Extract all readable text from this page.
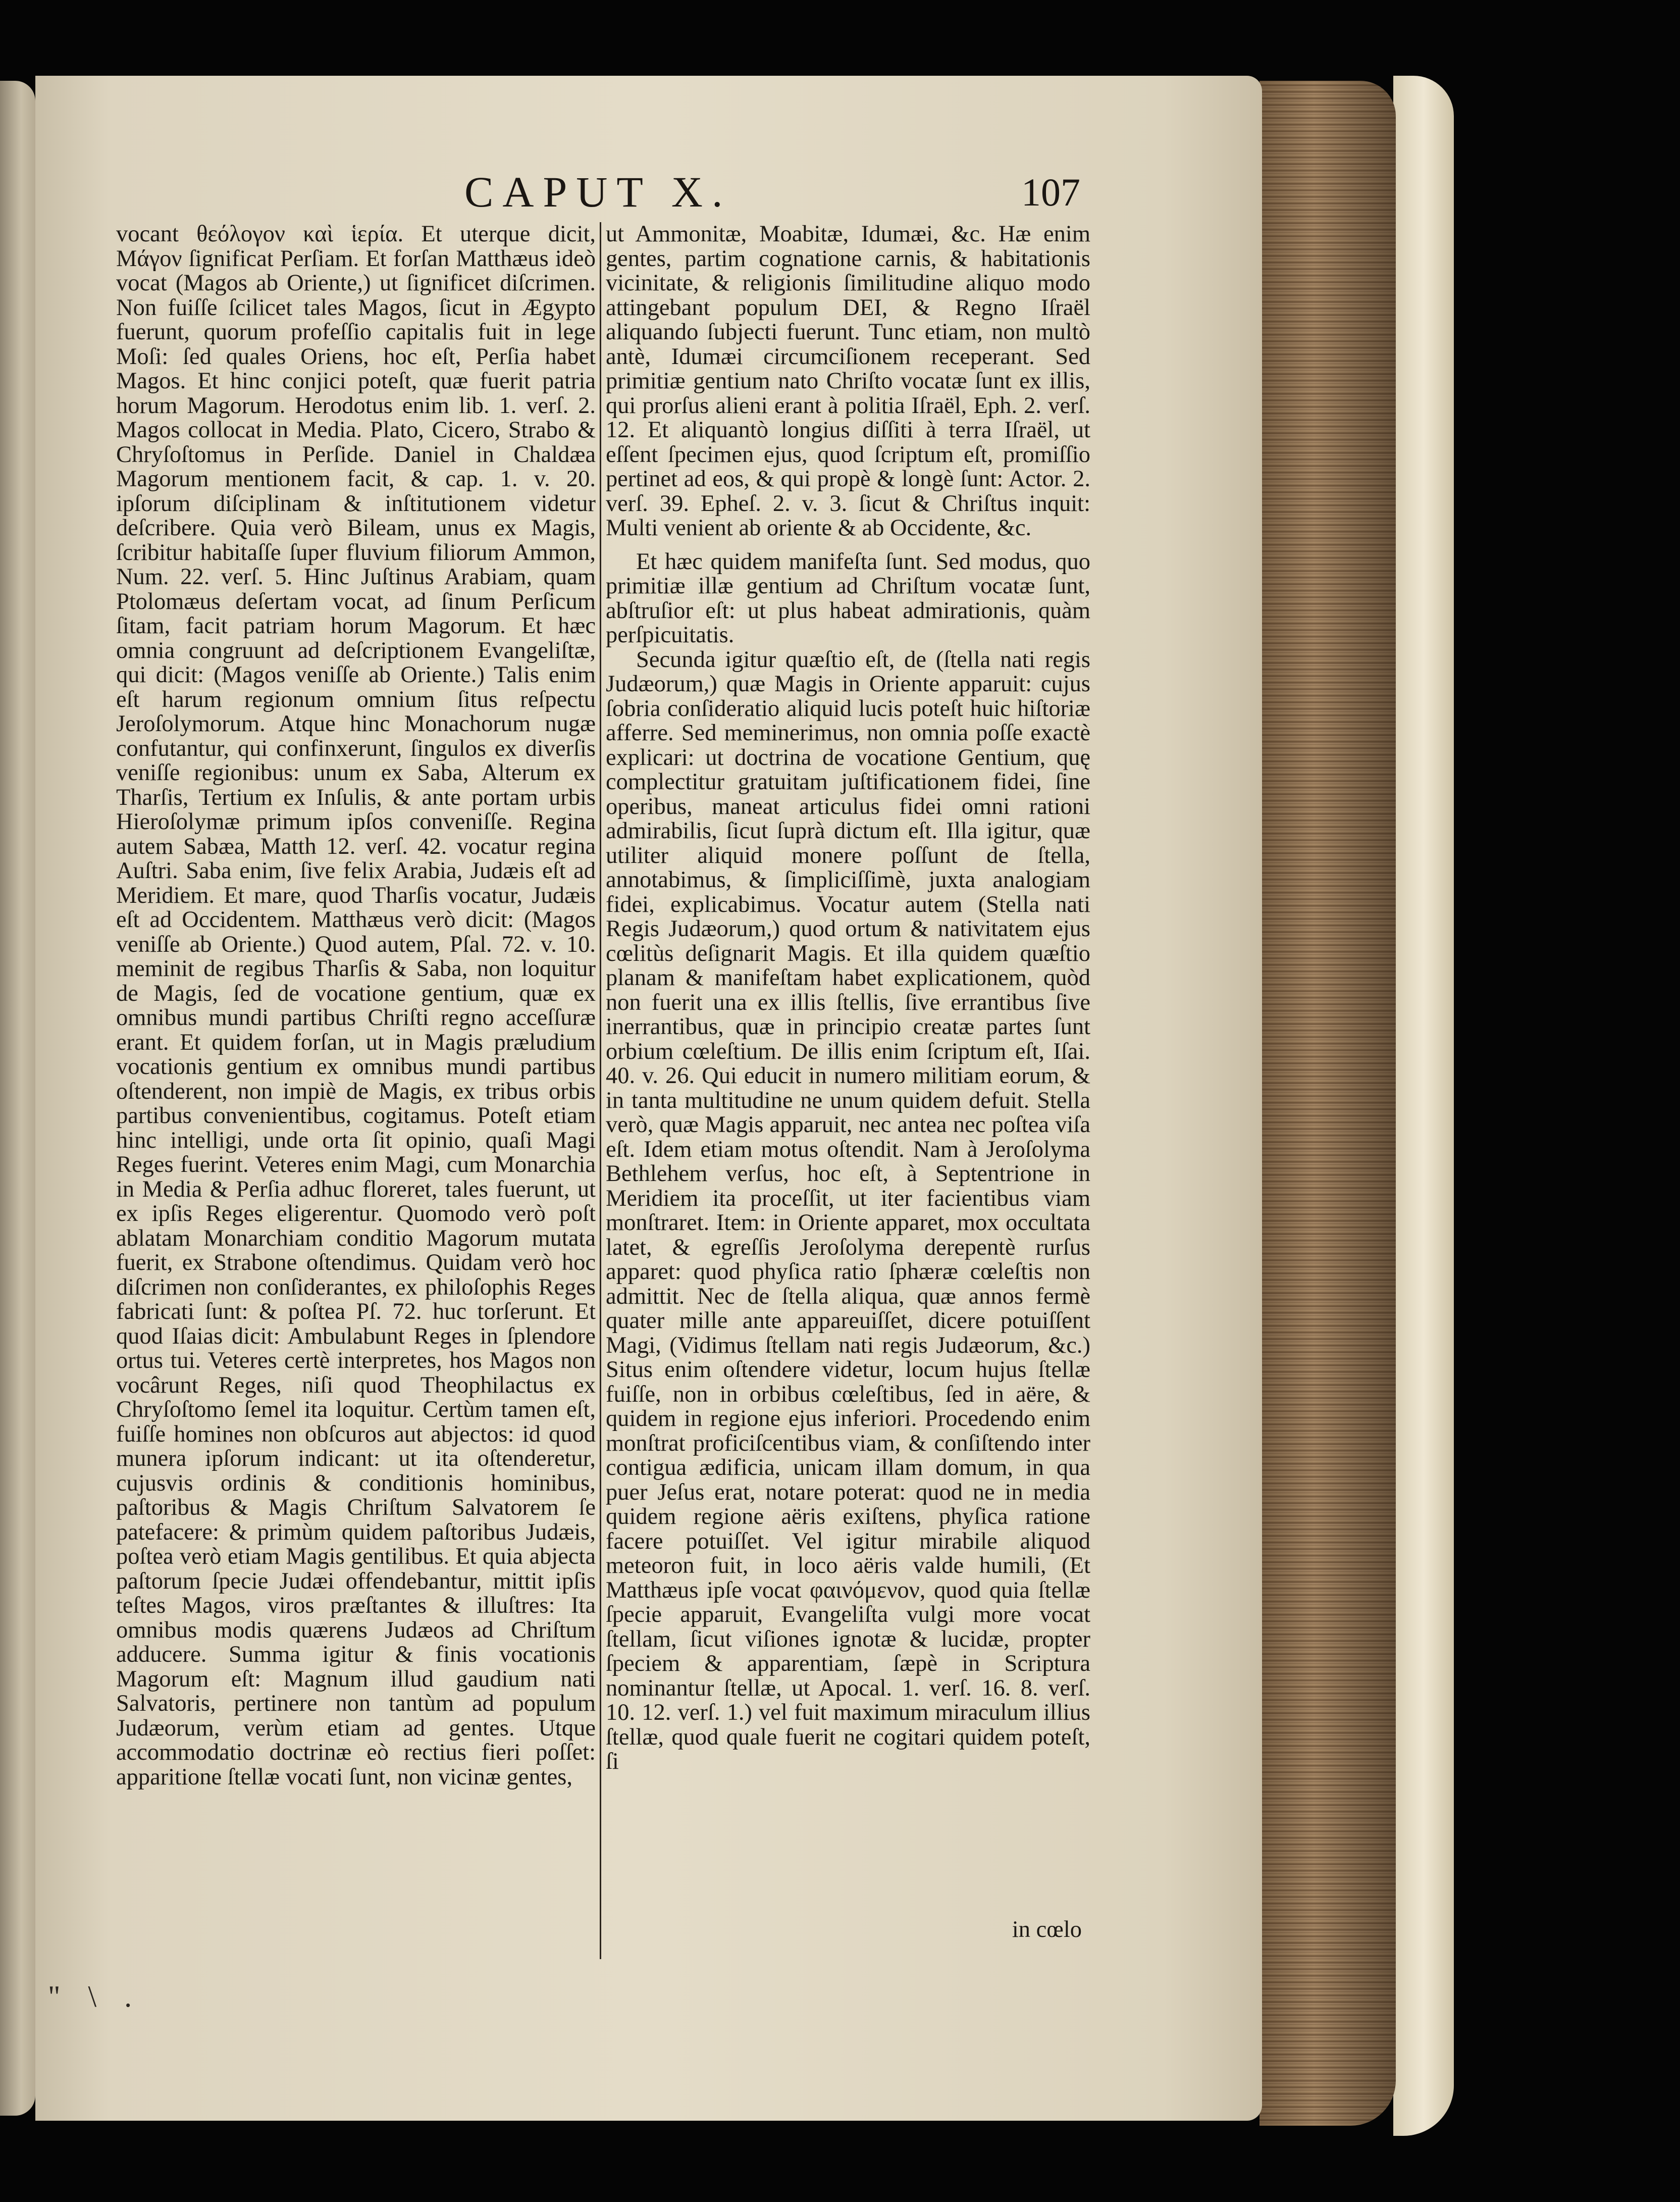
CAPUT X.	107

vocant θεόλογον καὶ ἱερία. Et uterque dicit, Μάγον ſignificat Perſiam. Et forſan Matthæus ideò vocat (Magos ab Oriente,) ut ſignificet diſcrimen. Non fuiſſe ſcilicet tales Magos, ſicut in Ægypto fuerunt, quorum profeſſio capitalis fuit in lege Moſi: ſed quales Oriens, hoc eſt, Perſia habet Magos. Et hinc conjici poteſt, quæ fuerit patria horum Magorum. Herodotus enim lib. 1. verſ. 2. Magos collocat in Media. Plato, Cicero, Strabo & Chryſoſtomus in Perſide. Daniel in Chaldæa Magorum mentionem facit, & cap. 1. v. 20. ipſorum diſciplinam & inſtitutionem videtur deſcribere. Quia verò Bileam, unus ex Magis, ſcribitur habitaſſe ſuper fluvium filiorum Ammon, Num. 22. verſ. 5. Hinc Juſtinus Arabiam, quam Ptolomæus deſertam vocat, ad ſinum Perſicum ſitam, facit patriam horum Magorum. Et hæc omnia congruunt ad deſcriptionem Evangeliſtæ, qui dicit: (Magos veniſſe ab Oriente.) Talis enim eſt harum regionum omnium ſitus reſpectu Jeroſolymorum. Atque hinc Monachorum nugæ confutantur, qui confinxerunt, ſingulos ex diverſis veniſſe regionibus: unum ex Saba, Alterum ex Tharſis, Tertium ex Inſulis, & ante portam urbis Hieroſolymæ primum ipſos conveniſſe. Regina autem Sabæa, Matth 12. verſ. 42. vocatur regina Auſtri. Saba enim, ſive felix Arabia, Judæis eſt ad Meridiem. Et mare, quod Tharſis vocatur, Judæis eſt ad Occidentem. Matthæus verò dicit: (Magos veniſſe ab Oriente.) Quod autem, Pſal. 72. v. 10. meminit de regibus Tharſis & Saba, non loquitur de Magis, ſed de vocatione gentium, quæ ex omnibus mundi partibus Chriſti regno acceſſuræ erant. Et quidem forſan, ut in Magis præludium vocationis gentium ex omnibus mundi partibus oſtenderent, non impiè de Magis, ex tribus orbis partibus convenientibus, cogitamus. Poteſt etiam hinc intelligi, unde orta ſit opinio, quaſi Magi Reges fuerint. Veteres enim Magi, cum Monarchia in Media & Perſia adhuc floreret, tales fuerunt, ut ex ipſis Reges eligerentur. Quomodo verò poſt ablatam Monarchiam conditio Magorum mutata fuerit, ex Strabone oſtendimus. Quidam verò hoc diſcrimen non conſiderantes, ex philoſophis Reges fabricati ſunt: & poſtea Pſ. 72. huc torſerunt. Et quod Iſaias dicit: Ambulabunt Reges in ſplendore ortus tui. Veteres certè interpretes, hos Magos non vocârunt Reges, niſi quod Theophilactus ex Chryſoſtomo ſemel ita loquitur. Certùm tamen eſt, fuiſſe homines non obſcuros aut abjectos: id quod munera ipſorum indicant: ut ita oſtenderetur, cujusvis ordinis & conditionis hominibus, paſtoribus & Magis Chriſtum Salvatorem ſe patefacere: & primùm quidem paſtoribus Judæis, poſtea verò etiam Magis gentilibus. Et quia abjecta paſtorum ſpecie Judæi offendebantur, mittit ipſis teſtes Magos, viros præſtantes & illuſtres: Ita omnibus modis quærens Judæos ad Chriſtum adducere. Summa igitur & finis vocationis Magorum eſt: Magnum illud gaudium nati Salvatoris, pertinere non tantùm ad populum Judæorum, verùm etiam ad gentes. Utque accommodatio doctrinæ eò rectius fieri poſſet: apparitione ſtellæ vocati ſunt, non vicinæ gentes,

ut Ammonitæ, Moabitæ, Idumæi, &c. Hæ enim gentes, partim cognatione carnis, & habitationis vicinitate, & religionis ſimilitudine aliquo modo attingebant populum DEI, & Regno Iſraël aliquando ſubjecti fuerunt. Tunc etiam, non multò antè, Idumæi circumciſionem receperant. Sed primitiæ gentium nato Chriſto vocatæ ſunt ex illis, qui prorſus alieni erant à politia Iſraël, Eph. 2. verſ. 12. Et aliquantò longius diſſiti à terra Iſraël, ut eſſent ſpecimen ejus, quod ſcriptum eſt, promiſſio pertinet ad eos, & qui propè & longè ſunt: Actor. 2. verſ. 39. Epheſ. 2. v. 3. ſicut & Chriſtus inquit: Multi venient ab oriente & ab Occidente, &c.

Et hæc quidem manifeſta ſunt. Sed modus, quo primitiæ illæ gentium ad Chriſtum vocatæ ſunt, abſtruſior eſt: ut plus habeat admirationis, quàm perſpicuitatis.

Secunda igitur quæſtio eſt, de (ſtella nati regis Judæorum,) quæ Magis in Oriente apparuit: cujus ſobria conſideratio aliquid lucis poteſt huic hiſtoriæ afferre. Sed meminerimus, non omnia poſſe exactè explicari: ut doctrina de vocatione Gentium, quę complectitur gratuitam juſtificationem fidei, ſine operibus, maneat articulus fidei omni rationi admirabilis, ſicut ſuprà dictum eſt. Illa igitur, quæ utiliter aliquid monere poſſunt de ſtella, annotabimus, & ſimpliciſſimè, juxta analogiam fidei, explicabimus. Vocatur autem (Stella nati Regis Judæorum,) quod ortum & nativitatem ejus cœlitùs deſignarit Magis. Et illa quidem quæſtio planam & manifeſtam habet explicationem, quòd non fuerit una ex illis ſtellis, ſive errantibus ſive inerrantibus, quæ in principio creatæ partes ſunt orbium cœleſtium. De illis enim ſcriptum eſt, Iſai. 40. v. 26. Qui educit in numero militiam eorum, & in tanta multitudine ne unum quidem defuit. Stella verò, quæ Magis apparuit, nec antea nec poſtea viſa eſt. Idem etiam motus oſtendit. Nam à Jeroſolyma Bethlehem verſus, hoc eſt, à Septentrione in Meridiem ita proceſſit, ut iter facientibus viam monſtraret. Item: in Oriente apparet, mox occultata latet, & egreſſis Jeroſolyma derepentè rurſus apparet: quod phyſica ratio ſphæræ cœleſtis non admittit. Nec de ſtella aliqua, quæ annos fermè quater mille ante appareuiſſet, dicere potuiſſent Magi, (Vidimus ſtellam nati regis Judæorum, &c.) Situs enim oſtendere videtur, locum hujus ſtellæ fuiſſe, non in orbibus cœleſtibus, ſed in aëre, & quidem in regione ejus inferiori. Procedendo enim monſtrat proficiſcentibus viam, & conſiſtendo inter contigua ædificia, unicam illam domum, in qua puer Jeſus erat, notare poterat: quod ne in media quidem regione aëris exiſtens, phyſica ratione facere potuiſſet. Vel igitur mirabile aliquod meteoron fuit, in loco aëris valde humili, (Et Matthæus ipſe vocat φαινόμενον, quod quia ſtellæ ſpecie apparuit, Evangeliſta vulgi more vocat ſtellam, ſicut viſiones ignotæ & lucidæ, propter ſpeciem & apparentiam, ſæpè in Scriptura nominantur ſtellæ, ut Apocal. 1. verſ. 16. 8. verſ. 10. 12. verſ. 1.) vel fuit maximum miraculum illius ſtellæ, quod quale fuerit ne cogitari quidem poteſt, ſi

in cœlo
" \ .
